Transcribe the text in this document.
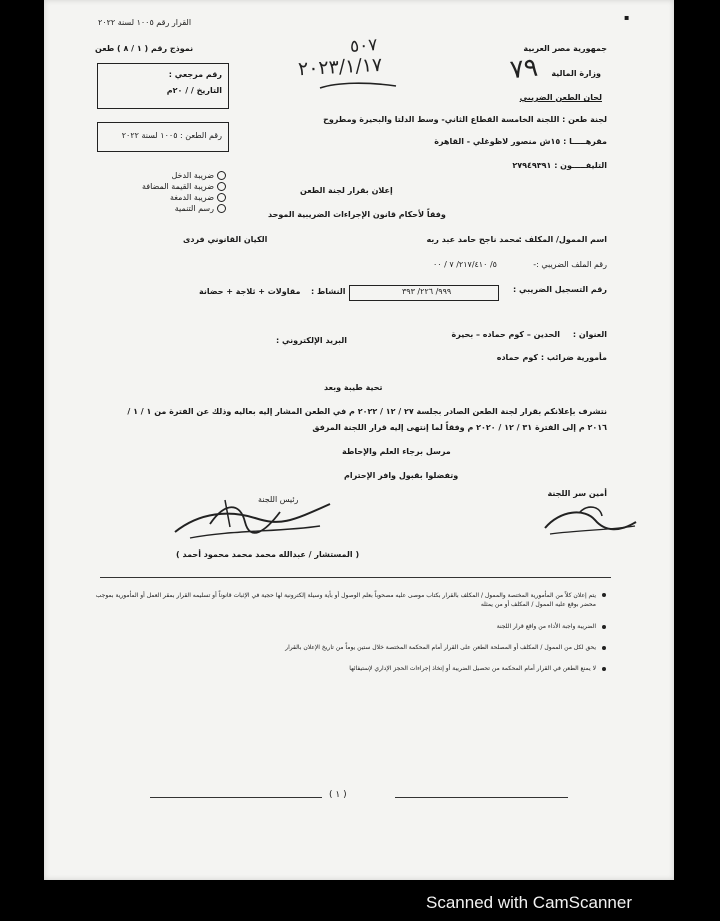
القرار رقم ١٠٠٥ لسنة ٢٠٢٢
نموذج رقم ( ١ / ٨ ) طعن	جمهورية مصر العربية
وزارة المالية
لجان الطعن الضريبي
٧٩
٢٠٢٣/١/١٧
٥٠٧
▪
رقم مرجعي :
التاريخ / / ٢٠م
رقم الطعن : ١٠٠٥ لسنة ٢٠٢٢
لجنة طعن : اللجنة الخامسة القطاع الثاني- وسط الدلتا والبحيرة ومطروح
مقرهـــــا : ١٥ش منصور لاظوغلي - القاهرة
التليفـــــون : ٢٧٩٤٩٣٩١
ضريبة الدخل
ضريبة القيمة المضافة
ضريبة الدمغة
رسم التنمية
إعلان بقرار لجنة الطعن
وفقاً لأحكام قانون الإجراءات الضريبية الموحد
اسم الممول/ المكلف :
محمد ناجح حامد عبد ربه
الكيان القانوني فردى
رقم الملف الضريبي :-
٥/ ٢١٧/٤١٠/ ٧ / ٠٠
رقم التسجيل الضريبي :
٩٩٩/ ٢٢٦/ ٣٩٣
النشاط :
مقاولات + ثلاجة + حضانة
العنوان :
الحدين – كوم حماده – بحيرة
البريد الإلكتروني :
مأمورية ضرائب :
كوم حماده
تحية طيبة وبعد
نتشرف بإعلانكم بقرار لجنة الطعن الصادر بجلسة ٢٧ / ١٢ / ٢٠٢٢ م في الطعن المشار إليه بعاليه وذلك عن الفترة من ١ / ١ /
٢٠١٦ م إلى الفترة ٣١ / ١٢ / ٢٠٢٠ م وفقاً لما إنتهى إليه قرار اللجنة المرفق
مرسل برجاء العلم والإحاطة
وتفضلوا بقبول وافر الإحترام
أمين سر اللجنة
رئيس اللجنة
( المستشار / عبدالله محمد محمد محمود أحمد )
يتم إعلان كلاً من المأمورية المختصة والممول / المكلف بالقرار بكتاب موصى عليه مصحوباً بعلم الوصول أو بأية وسيلة إلكترونية لها حجية في الإثبات قانوناً أو تسليمه القرار بمقر العمل أو المأمورية بموجب محضر بوقع عليه الممول / المكلف أو من يمثله
الضريبة واجبة الأداء من واقع قرار اللجنة
يحق لكل من الممول / المكلف أو المصلحة الطعن على القرار أمام المحكمة المختصة خلال ستين يوماً من تاريخ الإعلان بالقرار
لا يمنع الطعن في القرار أمام المحكمة من تحصيل الضريبة أو إتخاذ إجراءات الحجز الإداري لإستيفائها
( ١ )
Scanned with CamScanner
